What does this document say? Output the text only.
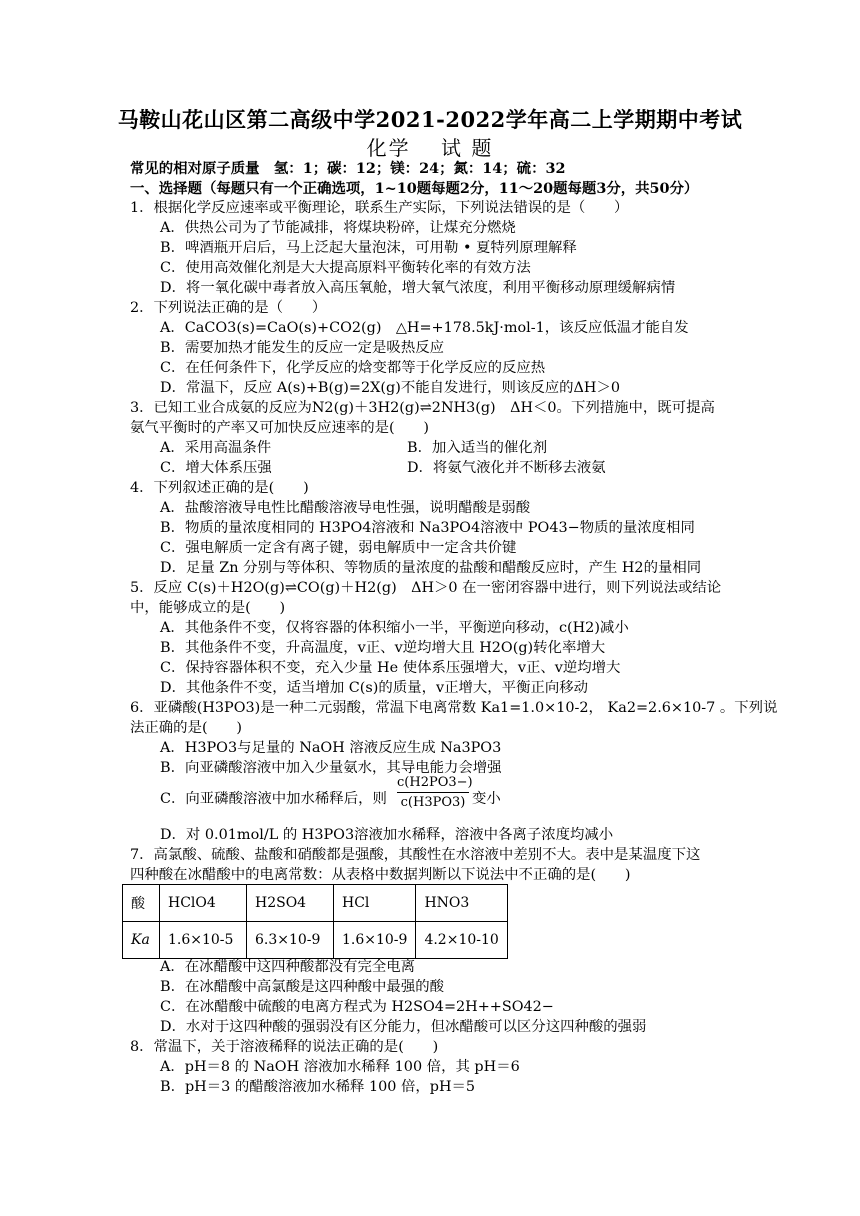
马鞍山花山区第二高级中学2021-2022学年高二上学期期中考试
化学　 试 题
常见的相对原子质量　氢：1；碳：12；镁：24；氮：14；硫：32
一、选择题（每题只有一个正确选项，1~10题每题2分，11～20题每题3分，共50分）
1．根据化学反应速率或平衡理论，联系生产实际，下列说法错误的是（　　）
A．供热公司为了节能减排，将煤块粉碎，让煤充分燃烧
B．啤酒瓶开启后，马上泛起大量泡沫，可用勒 • 夏特列原理解释
C．使用高效催化剂是大大提高原料平衡转化率的有效方法
D．将一氧化碳中毒者放入高压氧舱，增大氧气浓度，利用平衡移动原理缓解病情
2．下列说法正确的是（　　）
A．CaCO3(s)=CaO(s)+CO2(g)　△H=+178.5kJ·mol-1，该反应低温才能自发
B．需要加热才能发生的反应一定是吸热反应
C．在任何条件下，化学反应的焓变都等于化学反应的反应热
D．常温下，反应 A(s)+B(g)=2X(g)不能自发进行，则该反应的ΔH＞0
3．已知工业合成氨的反应为N2(g)＋3H2(g)⇌2NH3(g)　ΔH＜0。下列措施中，既可提高
氨气平衡时的产率又可加快反应速率的是(　　)
A．采用高温条件	B．加入适当的催化剂
C．增大体系压强	D．将氨气液化并不断移去液氨
4．下列叙述正确的是(　　)
A．盐酸溶液导电性比醋酸溶液导电性强，说明醋酸是弱酸
B．物质的量浓度相同的 H3PO4溶液和 Na3PO4溶液中 PO43−物质的量浓度相同
C．强电解质一定含有离子键，弱电解质中一定含共价键
D．足量 Zn 分别与等体积、等物质的量浓度的盐酸和醋酸反应时，产生 H2的量相同
5．反应 C(s)＋H2O(g)⇌CO(g)＋H2(g)　ΔH＞0 在一密闭容器中进行，则下列说法或结论
中，能够成立的是(　　)
A．其他条件不变，仅将容器的体积缩小一半，平衡逆向移动，c(H2)减小
B．其他条件不变，升高温度，v正、v逆均增大且 H2O(g)转化率增大
C．保持容器体积不变，充入少量 He 使体系压强增大，v正、v逆均增大
D．其他条件不变，适当增加 C(s)的质量，v正增大，平衡正向移动
6．亚磷酸(H3PO3)是一种二元弱酸，常温下电离常数 Ka1=1.0×10-2， Ka2=2.6×10-7 。下列说
法正确的是(　　)
A．H3PO3与足量的 NaOH 溶液反应生成 Na3PO3
B．向亚磷酸溶液中加入少量氨水，其导电能力会增强
C．向亚磷酸溶液中加水稀释后，则 $\frac{c(H2PO3-)}{c(H3PO3)}$ 变小
D．对 0.01mol/L 的 H3PO3溶液加水稀释，溶液中各离子浓度均减小
7．高氯酸、硫酸、盐酸和硝酸都是强酸，其酸性在水溶液中差别不大。表中是某温度下这
四种酸在冰醋酸中的电离常数：从表格中数据判断以下说法中不正确的是(　　)
酸	HClO4	H2SO4	HCl	HNO3
Ka	1.6×10-5	6.3×10-9	1.6×10-9	4.2×10-10
A．在冰醋酸中这四种酸都没有完全电离
B．在冰醋酸中高氯酸是这四种酸中最强的酸
C．在冰醋酸中硫酸的电离方程式为 H2SO4=2H++SO42−
D．水对于这四种酸的强弱没有区分能力，但冰醋酸可以区分这四种酸的强弱
8．常温下，关于溶液稀释的说法正确的是(　　)
A．pH＝8 的 NaOH 溶液加水稀释 100 倍，其 pH＝6
B．pH＝3 的醋酸溶液加水稀释 100 倍，pH＝5
